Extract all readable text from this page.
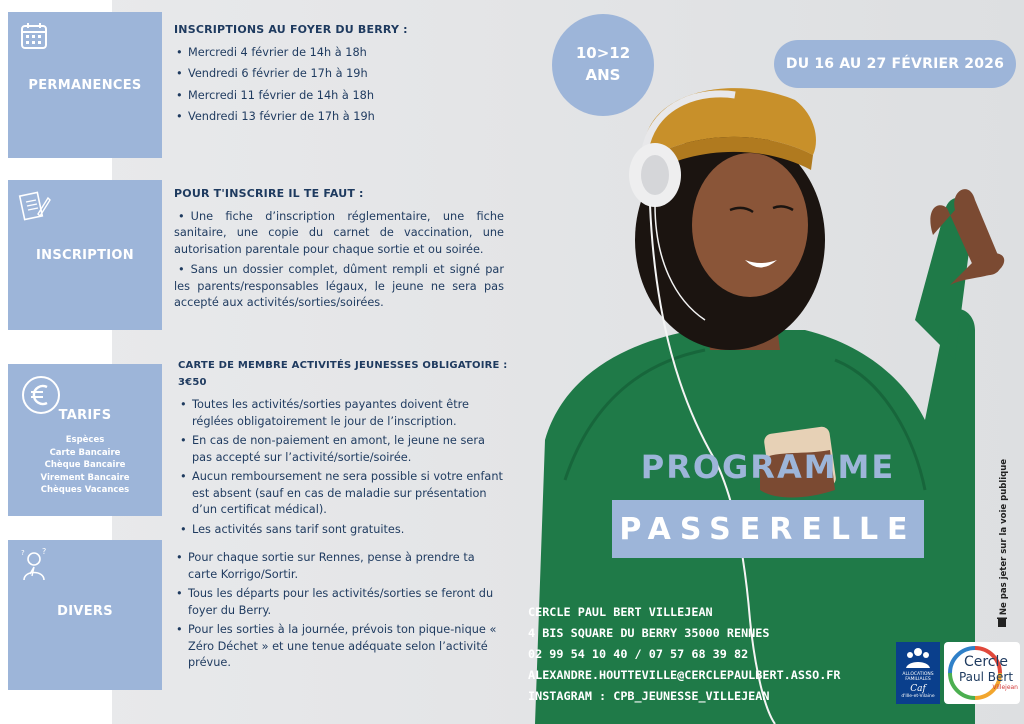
PERMANENCES
INSCRIPTION
TARIFS
Espèces
Carte Bancaire
Chèque Bancaire
Virement Bancaire
Chèques Vacances
?
?
DIVERS
INSCRIPTIONS AU FOYER DU BERRY :
• Mercredi 4 février de 14h à 18h
• Vendredi 6 février de 17h à 19h
• Mercredi 11 février de 14h à 18h
• Vendredi 13 février de 17h à 19h
POUR T'INSCRIRE IL TE FAUT :
• Une fiche d’inscription réglementaire, une fiche sanitaire, une copie du carnet de vaccination, une autorisation parentale pour chaque sortie et ou soirée.
• Sans un dossier complet, dûment rempli et signé par les parents/responsables légaux, le jeune ne sera pas accepté aux activités/sorties/soirées.
CARTE DE MEMBRE ACTIVITÉS JEUNESSES OBLIGATOIRE : 3€50
• Toutes les activités/sorties payantes doivent être réglées obligatoirement le jour de l’inscription.
• En cas de non-paiement en amont, le jeune ne sera pas accepté sur l’activité/sortie/soirée.
• Aucun remboursement ne sera possible si votre enfant est absent (sauf en cas de maladie sur présentation d’un certificat médical).
• Les activités sans tarif sont gratuites.
• Pour chaque sortie sur Rennes, pense à prendre ta carte Korrigo/Sortir.
• Tous les départs pour les activités/sorties se feront du foyer du Berry.
• Pour les sorties à la journée, prévois ton pique-nique « Zéro Déchet » et une tenue adéquate selon l’activité prévue.
10>12
ANS
DU 16 AU 27 FÉVRIER 2026
PROGRAMME
PASSERELLE
CERCLE PAUL BERT VILLEJEAN
4 BIS SQUARE DU BERRY 35000 RENNES
02 99 54 10 40 / 07 57 68 39 82
ALEXANDRE.HOUTTEVILLE@CERCLEPAULBERT.ASSO.FR
INSTAGRAM : CPB_JEUNESSE_VILLEJEAN
Ne pas jeter sur la voie publique
ALLOCATIONS
FAMILIALES
Caf
d'Ille-et-Vilaine
Cercle
Paul Bert
Villejean
